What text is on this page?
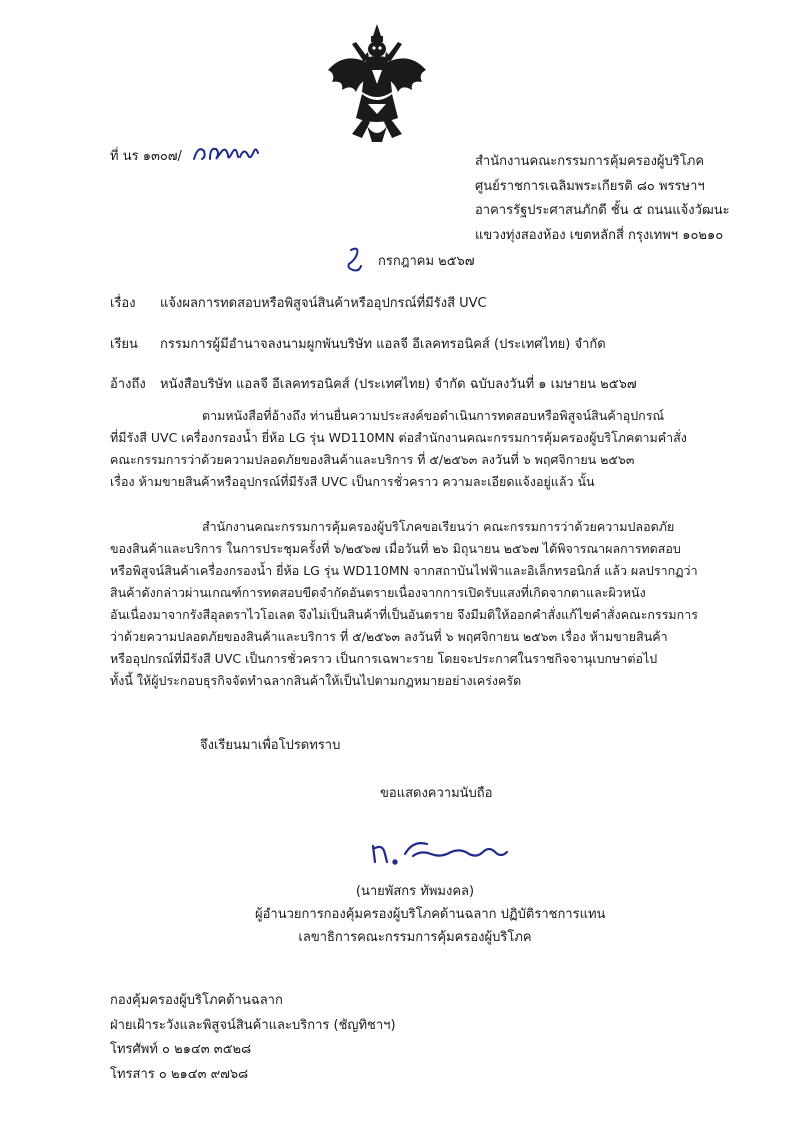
ที่ นร ๑๓๐๗/	สำนักงานคณะกรรมการคุ้มครองผู้บริโภค
ศูนย์ราชการเฉลิมพระเกียรติ ๘๐ พรรษาฯ
อาคารรัฐประศาสนภักดี ชั้น ๕ ถนนแจ้งวัฒนะ
แขวงทุ่งสองห้อง เขตหลักสี่ กรุงเทพฯ ๑๐๒๑๐
กรกฎาคม ๒๕๖๗
เรื่อง แจ้งผลการทดสอบหรือพิสูจน์สินค้าหรืออุปกรณ์ที่มีรังสี UVC
เรียน กรรมการผู้มีอำนาจลงนามผูกพันบริษัท แอลจี อีเลคทรอนิคส์ (ประเทศไทย) จำกัด
อ้างถึง หนังสือบริษัท แอลจี อีเลคทรอนิคส์ (ประเทศไทย) จำกัด ฉบับลงวันที่ ๑ เมษายน ๒๕๖๗
ตามหนังสือที่อ้างถึง ท่านยื่นความประสงค์ขอดำเนินการทดสอบหรือพิสูจน์สินค้าอุปกรณ์
ที่มีรังสี UVC เครื่องกรองน้ำ ยี่ห้อ LG รุ่น WD110MN ต่อสำนักงานคณะกรรมการคุ้มครองผู้บริโภคตามคำสั่ง
คณะกรรมการว่าด้วยความปลอดภัยของสินค้าและบริการ ที่ ๕/๒๕๖๓ ลงวันที่ ๖ พฤศจิกายน ๒๕๖๓
เรื่อง ห้ามขายสินค้าหรืออุปกรณ์ที่มีรังสี UVC เป็นการชั่วคราว ความละเอียดแจ้งอยู่แล้ว นั้น
สำนักงานคณะกรรมการคุ้มครองผู้บริโภคขอเรียนว่า คณะกรรมการว่าด้วยความปลอดภัย
ของสินค้าและบริการ ในการประชุมครั้งที่ ๖/๒๕๖๗ เมื่อวันที่ ๒๖ มิถุนายน ๒๕๖๗ ได้พิจารณาผลการทดสอบ
หรือพิสูจน์สินค้าเครื่องกรองน้ำ ยี่ห้อ LG รุ่น WD110MN จากสถาบันไฟฟ้าและอิเล็กทรอนิกส์ แล้ว ผลปรากฏว่า
สินค้าดังกล่าวผ่านเกณฑ์การทดสอบขีดจำกัดอันตรายเนื่องจากการเปิดรับแสงที่เกิดจากตาและผิวหนัง
อันเนื่องมาจากรังสีอุลตราไวโอเลต จึงไม่เป็นสินค้าที่เป็นอันตราย จึงมีมติให้ออกคำสั่งแก้ไขคำสั่งคณะกรรมการ
ว่าด้วยความปลอดภัยของสินค้าและบริการ ที่ ๕/๒๕๖๓ ลงวันที่ ๖ พฤศจิกายน ๒๕๖๓ เรื่อง ห้ามขายสินค้า
หรืออุปกรณ์ที่มีรังสี UVC เป็นการชั่วคราว เป็นการเฉพาะราย โดยจะประกาศในราชกิจจานุเบกษาต่อไป
ทั้งนี้ ให้ผู้ประกอบธุรกิจจัดทำฉลากสินค้าให้เป็นไปตามกฎหมายอย่างเคร่งครัด
จึงเรียนมาเพื่อโปรดทราบ
ขอแสดงความนับถือ
(นายพัสกร ทัพมงคล)
ผู้อำนวยการกองคุ้มครองผู้บริโภคด้านฉลาก ปฏิบัติราชการแทน
เลขาธิการคณะกรรมการคุ้มครองผู้บริโภค
กองคุ้มครองผู้บริโภคด้านฉลาก
ฝ่ายเฝ้าระวังและพิสูจน์สินค้าและบริการ (ชัญทิชาฯ)
โทรศัพท์ ๐ ๒๑๔๓ ๓๕๒๘
โทรสาร ๐ ๒๑๔๓ ๙๗๖๘
